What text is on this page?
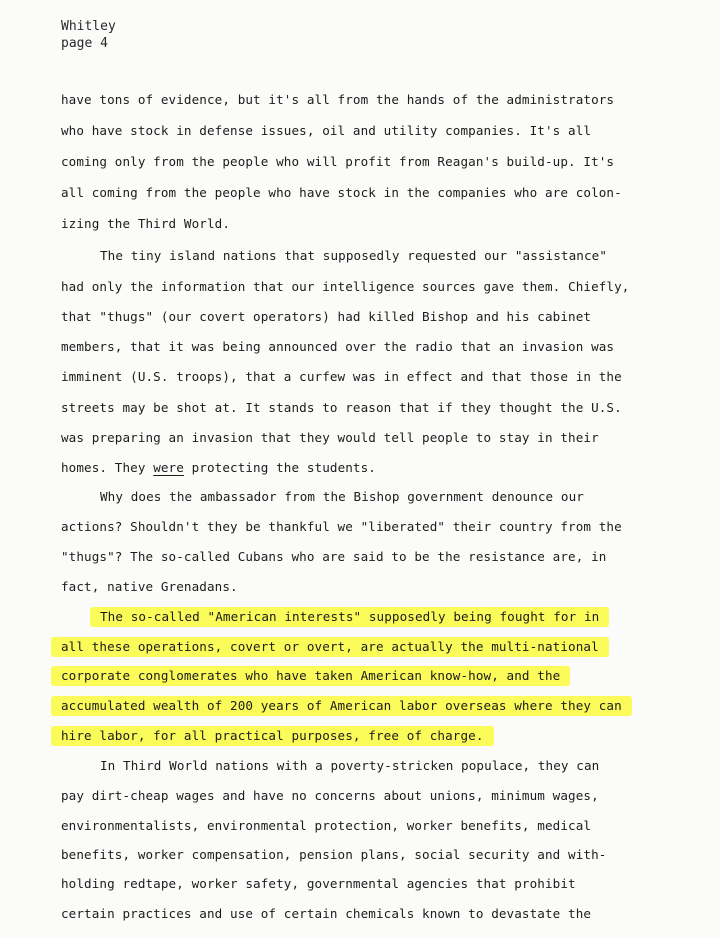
Whitley
page 4
have tons of evidence, but it's all from the hands of the administrators
who have stock in defense issues, oil and utility companies. It's all
coming only from the people who will profit from Reagan's build-up. It's
all coming from the people who have stock in the companies who are colon-
izing the Third World.
The tiny island nations that supposedly requested our "assistance"
had only the information that our intelligence sources gave them. Chiefly,
that "thugs" (our covert operators) had killed Bishop and his cabinet
members, that it was being announced over the radio that an invasion was
imminent (U.S. troops), that a curfew was in effect and that those in the
streets may be shot at. It stands to reason that if they thought the U.S.
was preparing an invasion that they would tell people to stay in their
homes. They were protecting the students.
Why does the ambassador from the Bishop government denounce our
actions? Shouldn't they be thankful we "liberated" their country from the
"thugs"? The so-called Cubans who are said to be the resistance are, in
fact, native Grenadans.
The so-called "American interests" supposedly being fought for in
all these operations, covert or overt, are actually the multi-national
corporate conglomerates who have taken American know-how, and the
accumulated wealth of 200 years of American labor overseas where they can
hire labor, for all practical purposes, free of charge.
In Third World nations with a poverty-stricken populace, they can
pay dirt-cheap wages and have no concerns about unions, minimum wages,
environmentalists, environmental protection, worker benefits, medical
benefits, worker compensation, pension plans, social security and with-
holding redtape, worker safety, governmental agencies that prohibit
certain practices and use of certain chemicals known to devastate the
